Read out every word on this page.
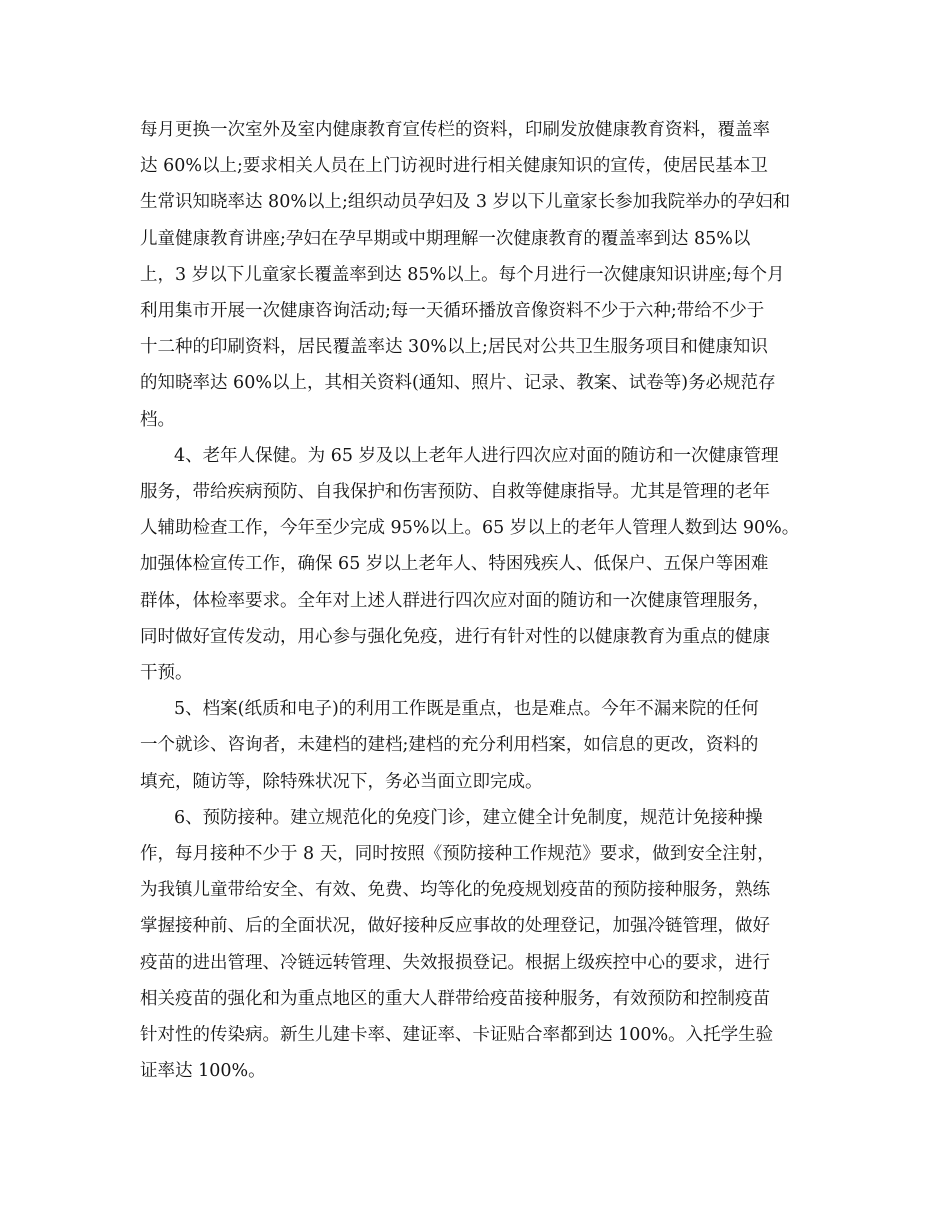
每月更换一次室外及室内健康教育宣传栏的资料，印刷发放健康教育资料，覆盖率
达 60%以上;要求相关人员在上门访视时进行相关健康知识的宣传，使居民基本卫
生常识知晓率达 80%以上;组织动员孕妇及 3 岁以下儿童家长参加我院举办的孕妇和
儿童健康教育讲座;孕妇在孕早期或中期理解一次健康教育的覆盖率到达 85%以
上，3 岁以下儿童家长覆盖率到达 85%以上。每个月进行一次健康知识讲座;每个月
利用集市开展一次健康咨询活动;每一天循环播放音像资料不少于六种;带给不少于
十二种的印刷资料，居民覆盖率达 30%以上;居民对公共卫生服务项目和健康知识
的知晓率达 60%以上，其相关资料(通知、照片、记录、教案、试卷等)务必规范存
档。

4、老年人保健。为 65 岁及以上老年人进行四次应对面的随访和一次健康管理
服务，带给疾病预防、自我保护和伤害预防、自救等健康指导。尤其是管理的老年
人辅助检查工作，今年至少完成 95%以上。65 岁以上的老年人管理人数到达 90%。
加强体检宣传工作，确保 65 岁以上老年人、特困残疾人、低保户、五保户等困难
群体，体检率要求。全年对上述人群进行四次应对面的随访和一次健康管理服务，
同时做好宣传发动，用心参与强化免疫，进行有针对性的以健康教育为重点的健康
干预。

5、档案(纸质和电子)的利用工作既是重点，也是难点。今年不漏来院的任何
一个就诊、咨询者，未建档的建档;建档的充分利用档案，如信息的更改，资料的
填充，随访等，除特殊状况下，务必当面立即完成。

6、预防接种。建立规范化的免疫门诊，建立健全计免制度，规范计免接种操
作，每月接种不少于 8 天，同时按照《预防接种工作规范》要求，做到安全注射，
为我镇儿童带给安全、有效、免费、均等化的免疫规划疫苗的预防接种服务，熟练
掌握接种前、后的全面状况，做好接种反应事故的处理登记，加强冷链管理，做好
疫苗的进出管理、冷链远转管理、失效报损登记。根据上级疾控中心的要求，进行
相关疫苗的强化和为重点地区的重大人群带给疫苗接种服务，有效预防和控制疫苗
针对性的传染病。新生儿建卡率、建证率、卡证贴合率都到达 100%。入托学生验
证率达 100%。
